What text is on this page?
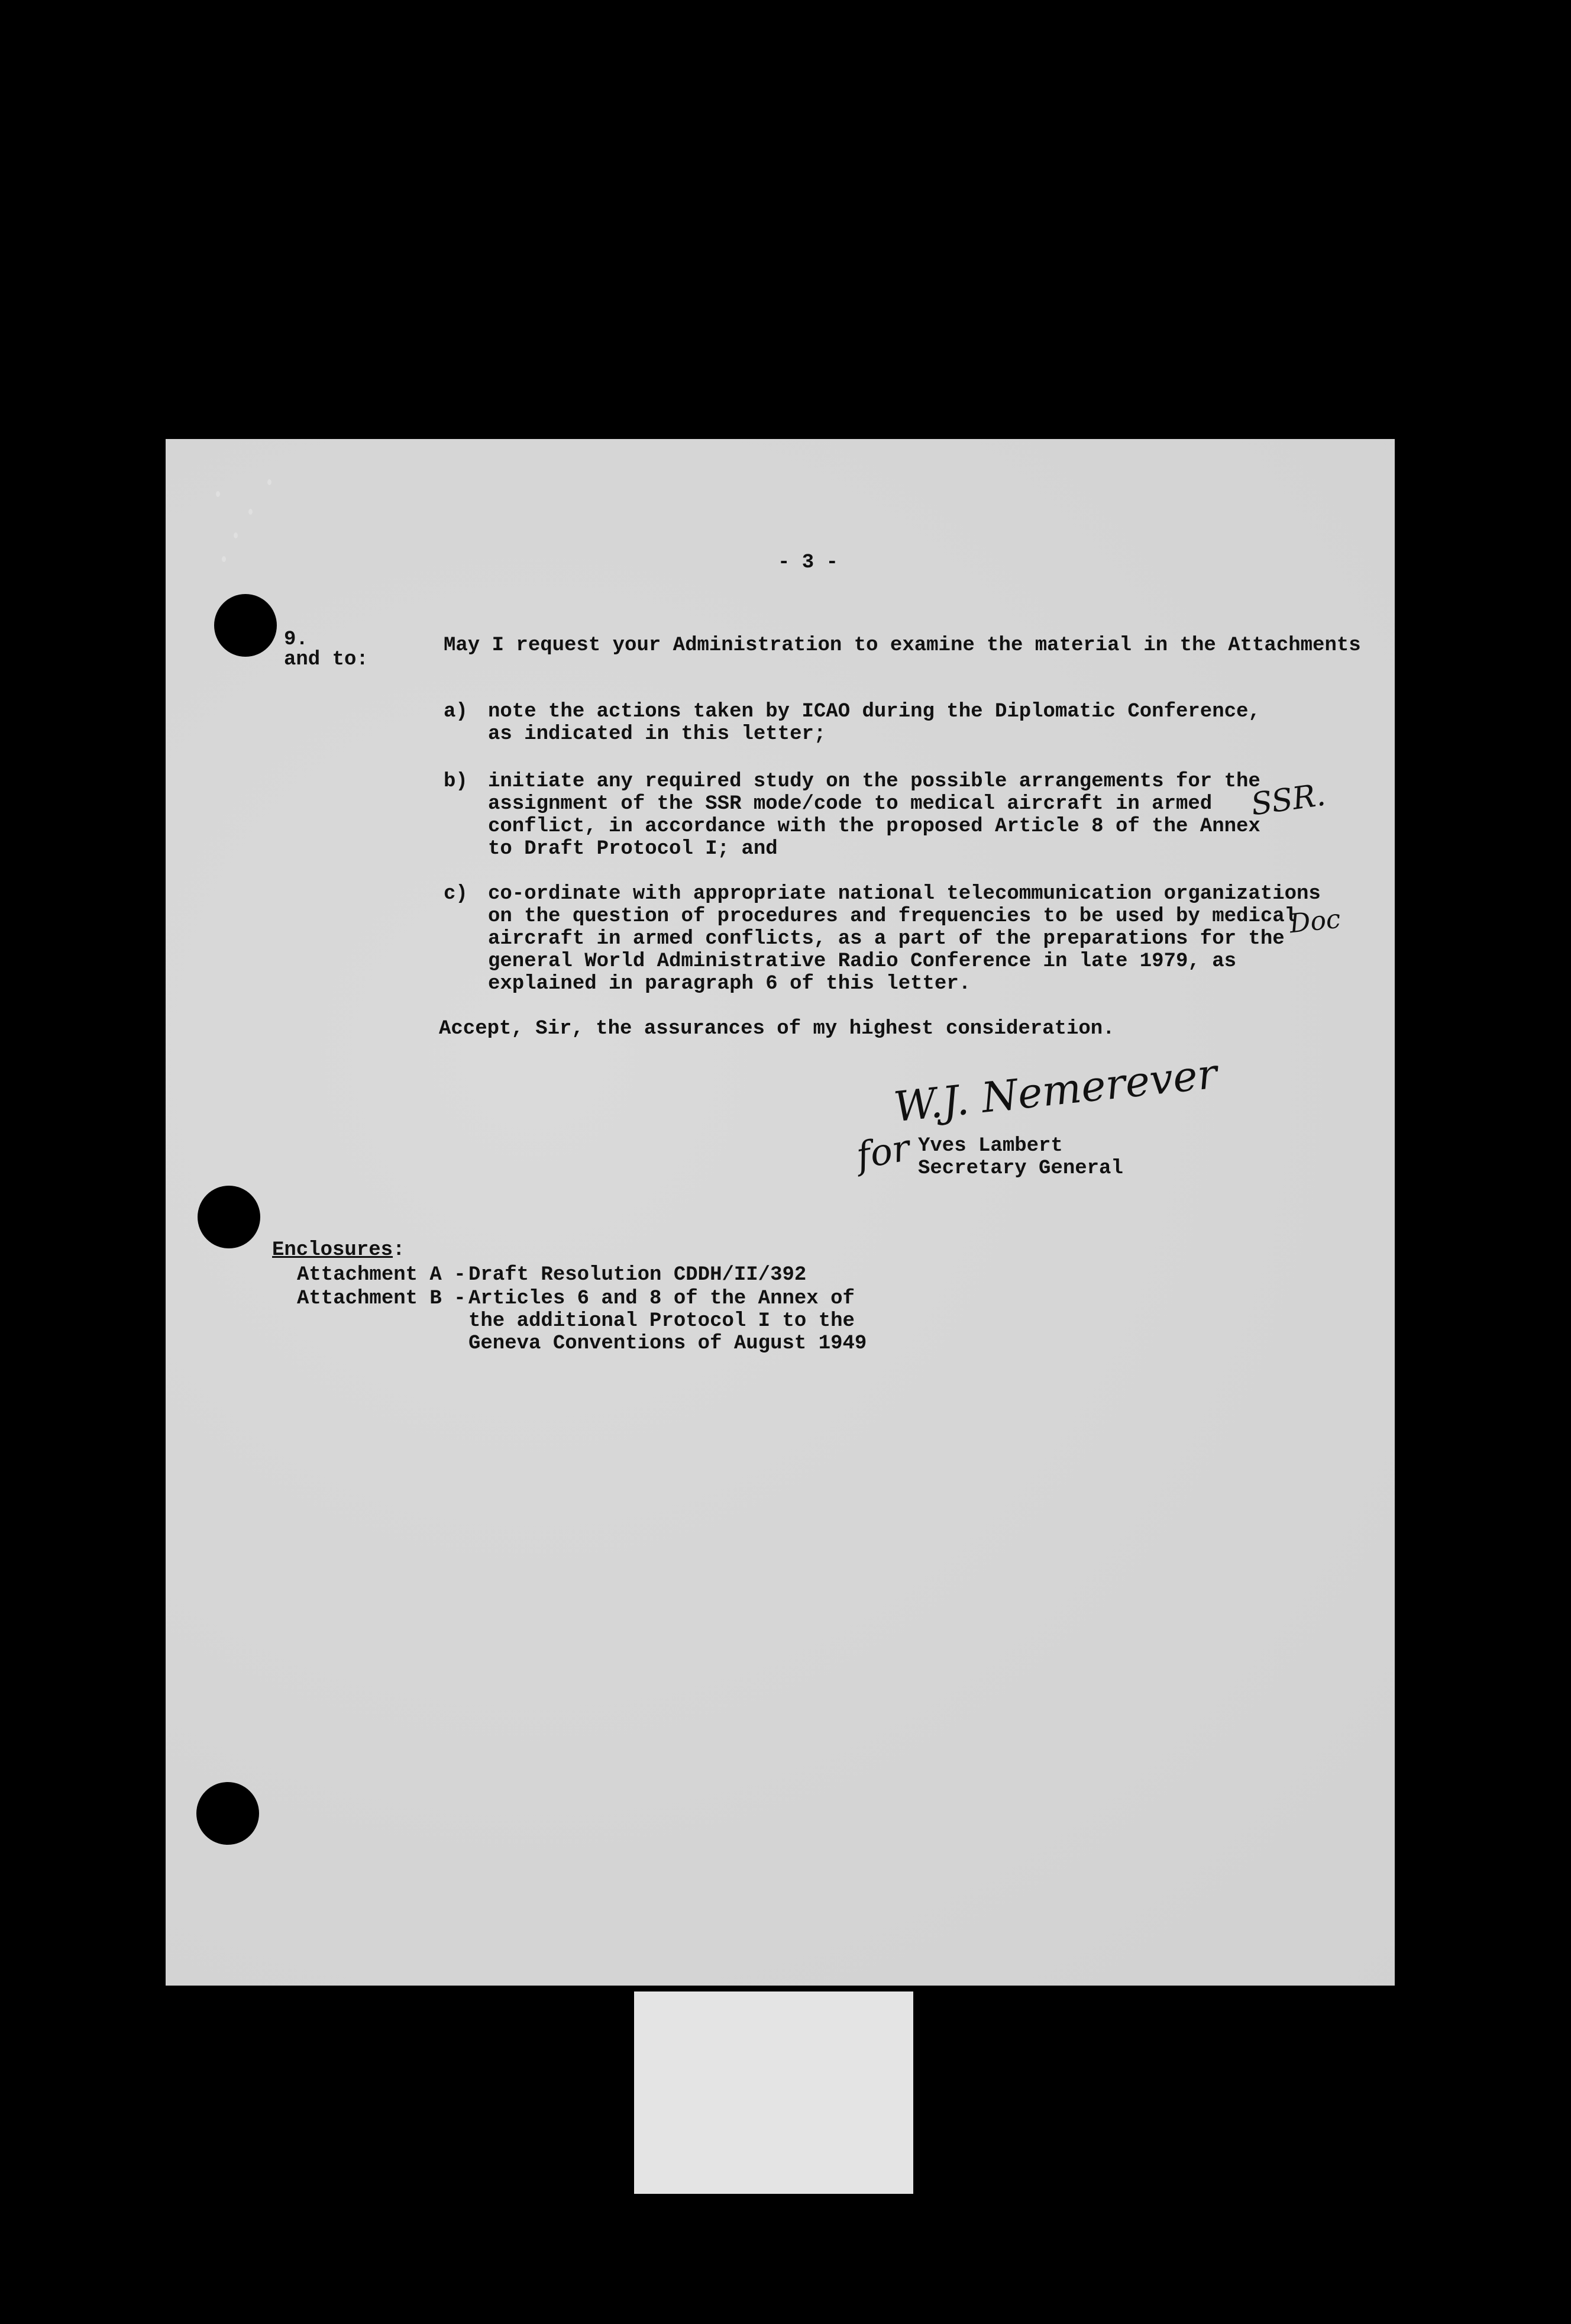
- 3 -
9.
and to:
May I request your Administration to examine the material in the Attachments
a) note the actions taken by ICAO during the Diplomatic Conference,
as indicated in this letter;
b) initiate any required study on the possible arrangements for the
assignment of the SSR mode/code to medical aircraft in armed
conflict, in accordance with the proposed Article 8 of the Annex
to Draft Protocol I; and
c) co-ordinate with appropriate national telecommunication organizations
on the question of procedures and frequencies to be used by medical
aircraft in armed conflicts, as a part of the preparations for the
general World Administrative Radio Conference in late 1979, as
explained in paragraph 6 of this letter.
SSR.
Doc
Accept, Sir, the assurances of my highest consideration.
W.J. Nemerever
for Yves Lambert
Secretary General
Enclosures:
Attachment A - Draft Resolution CDDH/II/392
Attachment B - Articles 6 and 8 of the Annex of
the additional Protocol I to the
Geneva Conventions of August 1949
